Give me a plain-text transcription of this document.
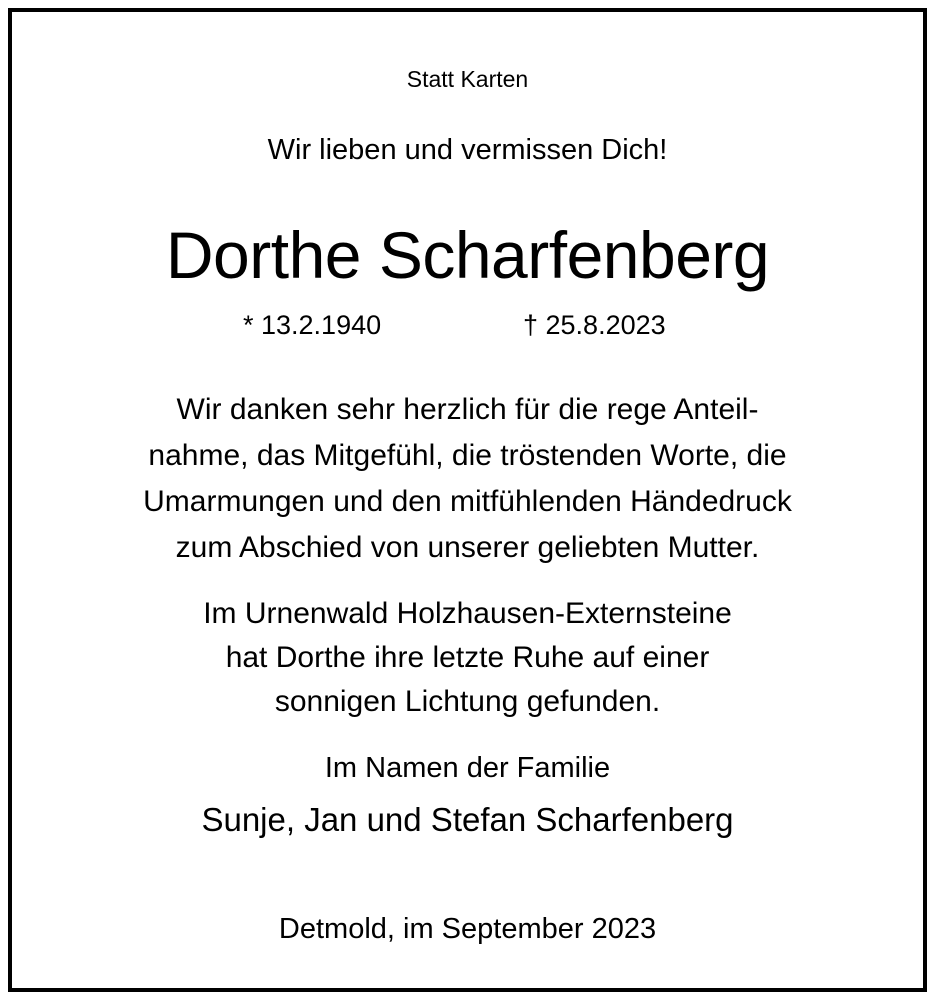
Statt Karten
Wir lieben und vermissen Dich!
Dorthe Scharfenberg
* 13.2.1940	† 25.8.2023
Wir danken sehr herzlich für die rege Anteil-
nahme, das Mitgefühl, die tröstenden Worte, die
Umarmungen und den mitfühlenden Händedruck
zum Abschied von unserer geliebten Mutter.
Im Urnenwald Holzhausen-Externsteine
hat Dorthe ihre letzte Ruhe auf einer
sonnigen Lichtung gefunden.
Im Namen der Familie
Sunje, Jan und Stefan Scharfenberg
Detmold, im September 2023
